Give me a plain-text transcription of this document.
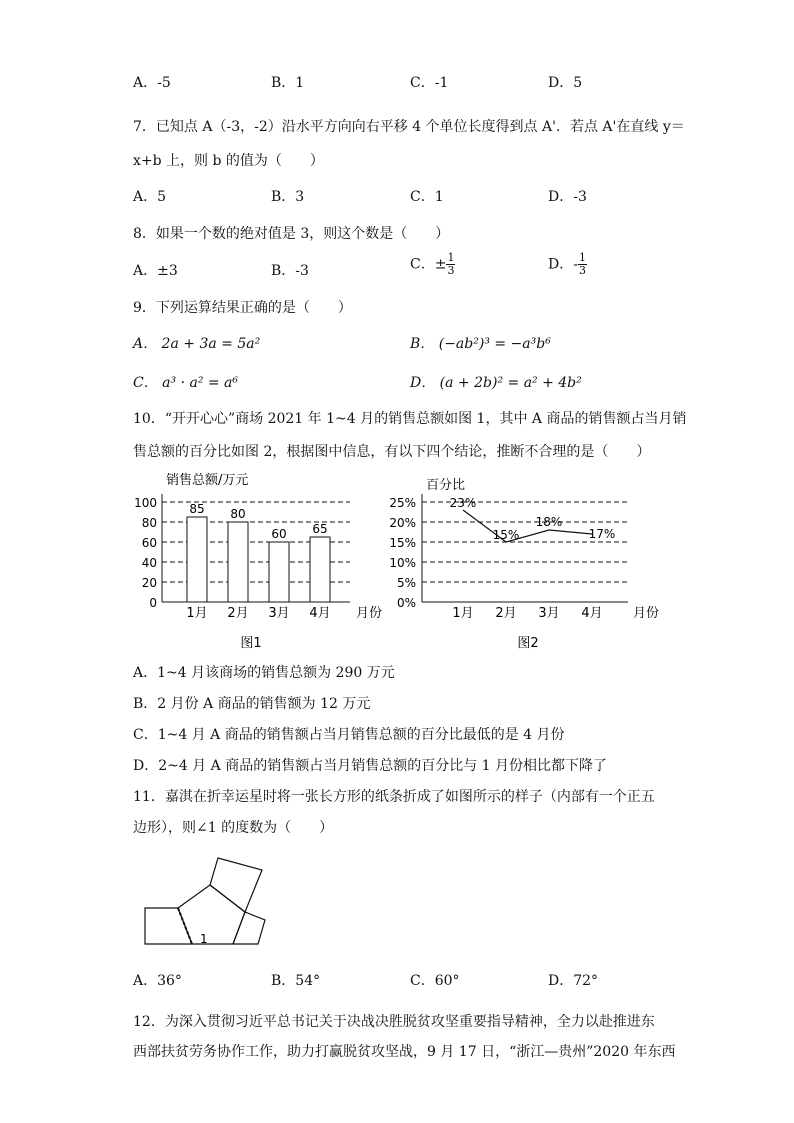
A．-5	B．1	C．-1	D．5
7．已知点 A（-3，-2）沿水平方向向右平移 4 个单位长度得到点 A'．若点 A'在直线 y＝
x+b 上，则 b 的值为（　　）
A．5	B．3	C．1	D．-3
8．如果一个数的绝对值是 3，则这个数是（　　）
A．±3	B．-3	C．± $\frac{1}{3}$	D．- $\frac{1}{3}$
9．下列运算结果正确的是（　　）
A． 2a + 3a = 5a²	B． (−ab²)³ = −a³b⁶
C． a³ · a² = a⁶	D． (a + 2b)² = a² + 4b²
10．“开开心心”商场 2021 年 1~4 月的销售总额如图 1，其中 A 商品的销售额占当月销
售总额的百分比如图 2，根据图中信息，有以下四个结论，推断不合理的是（　　）
销售总额/万元
0
20
40
60
80
100	85 80
60 65
1月 2月 3月 4月 月份
图1
百分比
0%
5%
10%
15%
20%
25%	23%
15%
18%
17%
1月 2月 3月 4月 月份
图2
A．1~4 月该商场的销售总额为 290 万元
B．2 月份 A 商品的销售额为 12 万元
C．1~4 月 A 商品的销售额占当月销售总额的百分比最低的是 4 月份
D．2~4 月 A 商品的销售额占当月销售总额的百分比与 1 月份相比都下降了
11．嘉淇在折幸运星时将一张长方形的纸条折成了如图所示的样子（内部有一个正五
边形），则∠1 的度数为（　　）
1
A．36°	B．54°	C．60°	D．72°
12．为深入贯彻习近平总书记关于决战决胜脱贫攻坚重要指导精神，全力以赴推进东
西部扶贫劳务协作工作，助力打赢脱贫攻坚战，9 月 17 日，“浙江—贵州”2020 年东西
